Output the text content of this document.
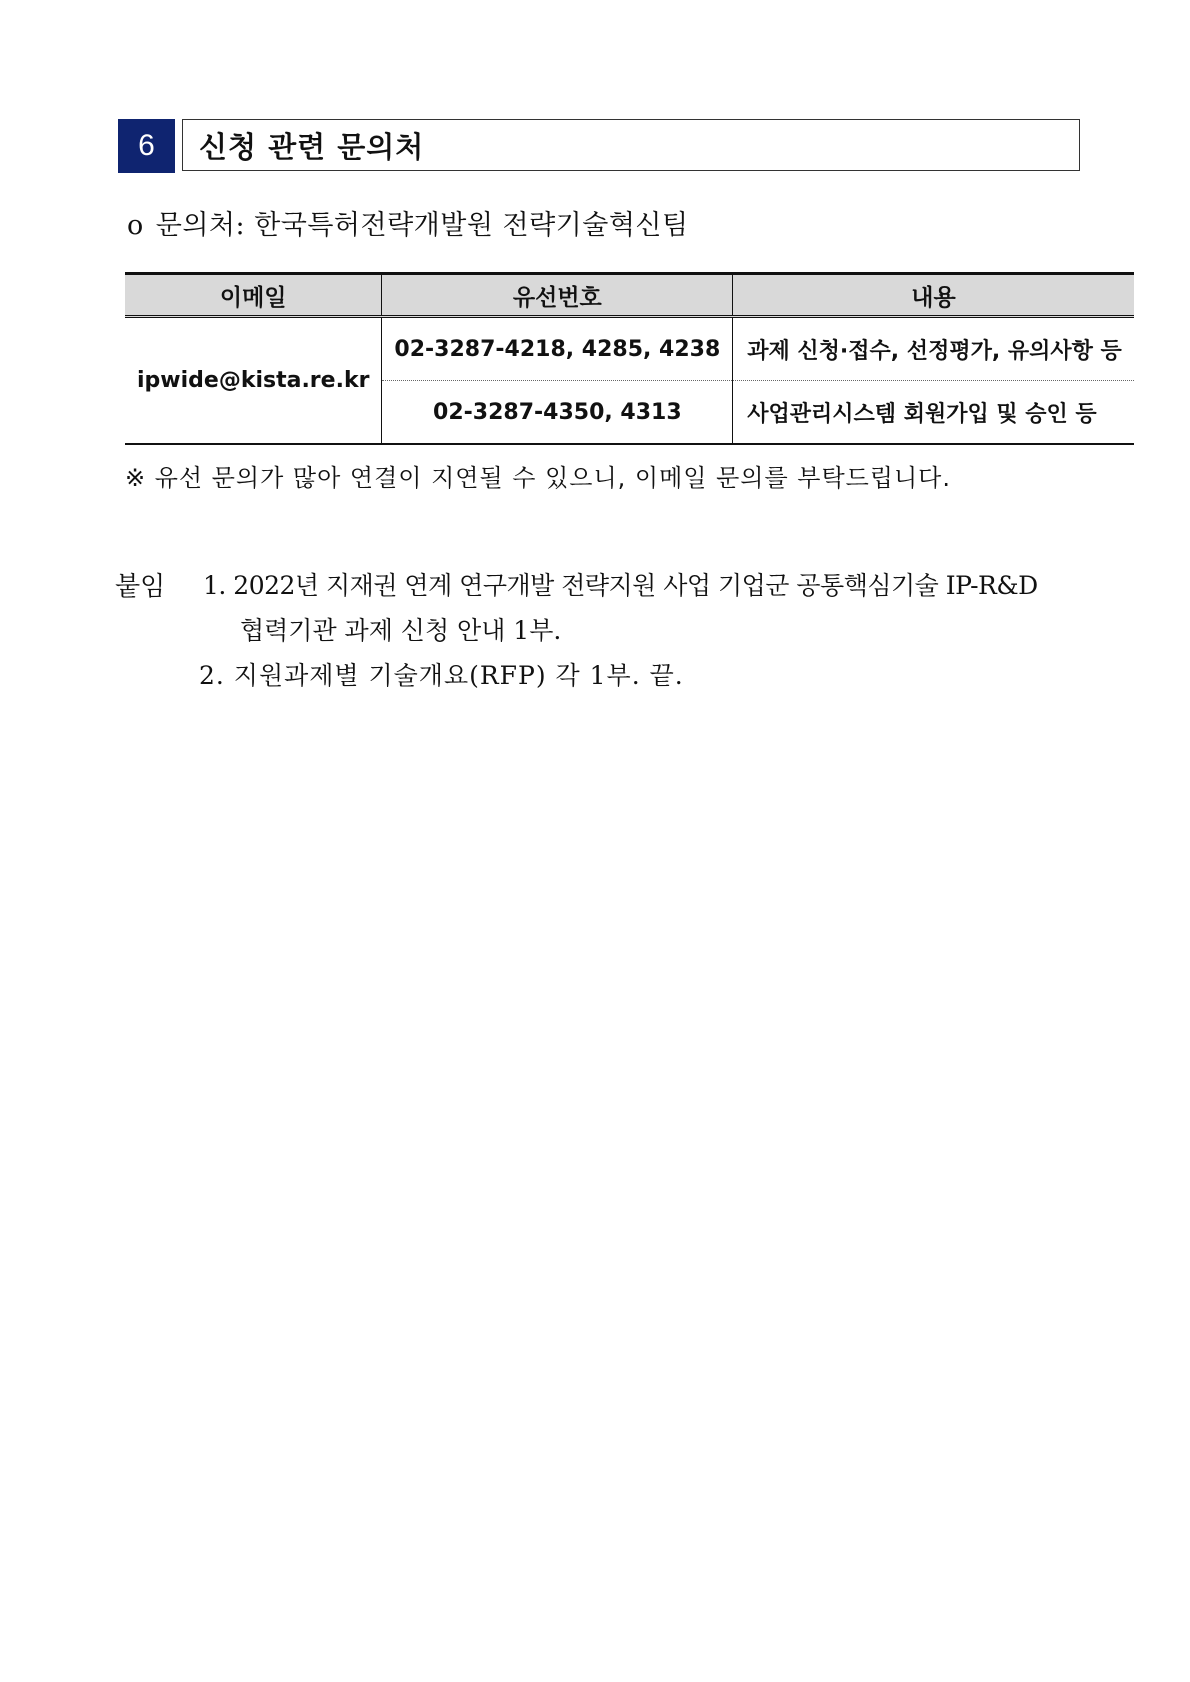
6	신청 관련 문의처
o 문의처: 한국특허전략개발원 전략기술혁신팀
이메일	유선번호	내용
ipwide@kista.re.kr	02-3287-4218, 4285, 4238	과제 신청·접수, 선정평가, 유의사항 등
	02-3287-4350, 4313	사업관리시스템 회원가입 및 승인 등
※ 유선 문의가 많아 연결이 지연될 수 있으니, 이메일 문의를 부탁드립니다.
붙임 1. 2022년 지재권 연계 연구개발 전략지원 사업 기업군 공통핵심기술 IP-R&D
협력기관 과제 신청 안내 1부.
2. 지원과제별 기술개요(RFP) 각 1부. 끝.
